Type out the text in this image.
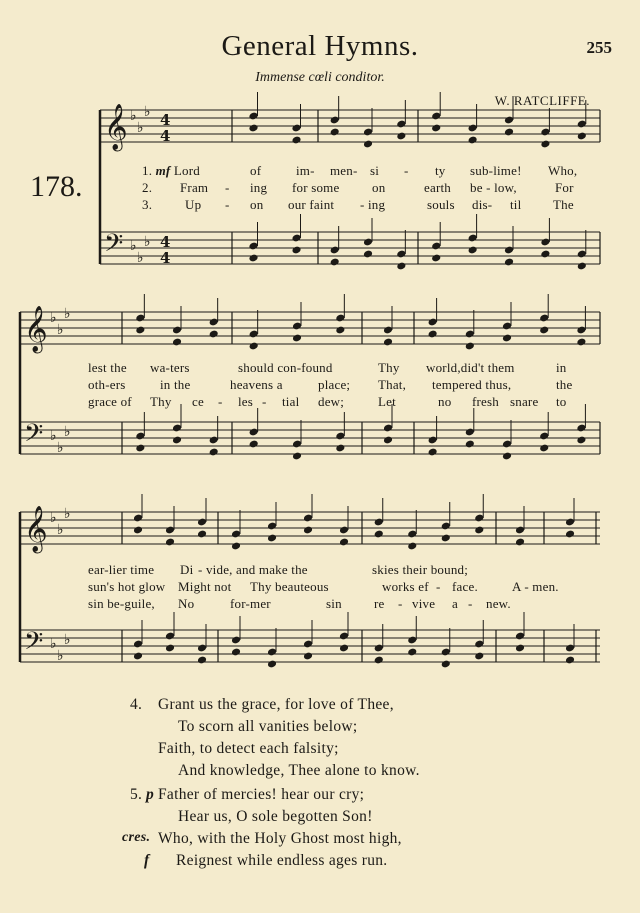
General Hymns.	255
Immense cœli conditor.
W. RATCLIFFE.
178.
𝄞 ♭
♭
♭
𝄢 ♭
♭
♭
𝄞 ♭
♭
♭
𝄢 ♭
♭
♭
𝄞 ♭
♭
♭
𝄢 ♭
♭
♭
4
4
4
4
1. mf Lord	of	im- men- si - ty sub-lime! Who,
2. Fram - ing for some	on	earth be - low,	For
3.	Up - on our faint - ing	souls dis- til The
lest the wa-ters	should con-found	Thy world,did't them	in
oth-ers	in the	heavens a	place; That, tempered thus,	the
grace of Thy ce - les - tial dew;	Let	no fresh snare to
ear-lier time Di - vide, and make the	skies their bound;
sun's hot glow Might not Thy beauteous	works ef - face.	A - men.
sin be-guile, No	for-mer	sin re - vive a - new.
4. Grant us the grace, for love of Thee,
To scorn all vanities below;
Faith, to detect each falsity;
And knowledge, Thee alone to know.
5. p Father of mercies! hear our cry;
Hear us, O sole begotten Son!
cres. Who, with the Holy Ghost most high,
f Reignest while endless ages run.
